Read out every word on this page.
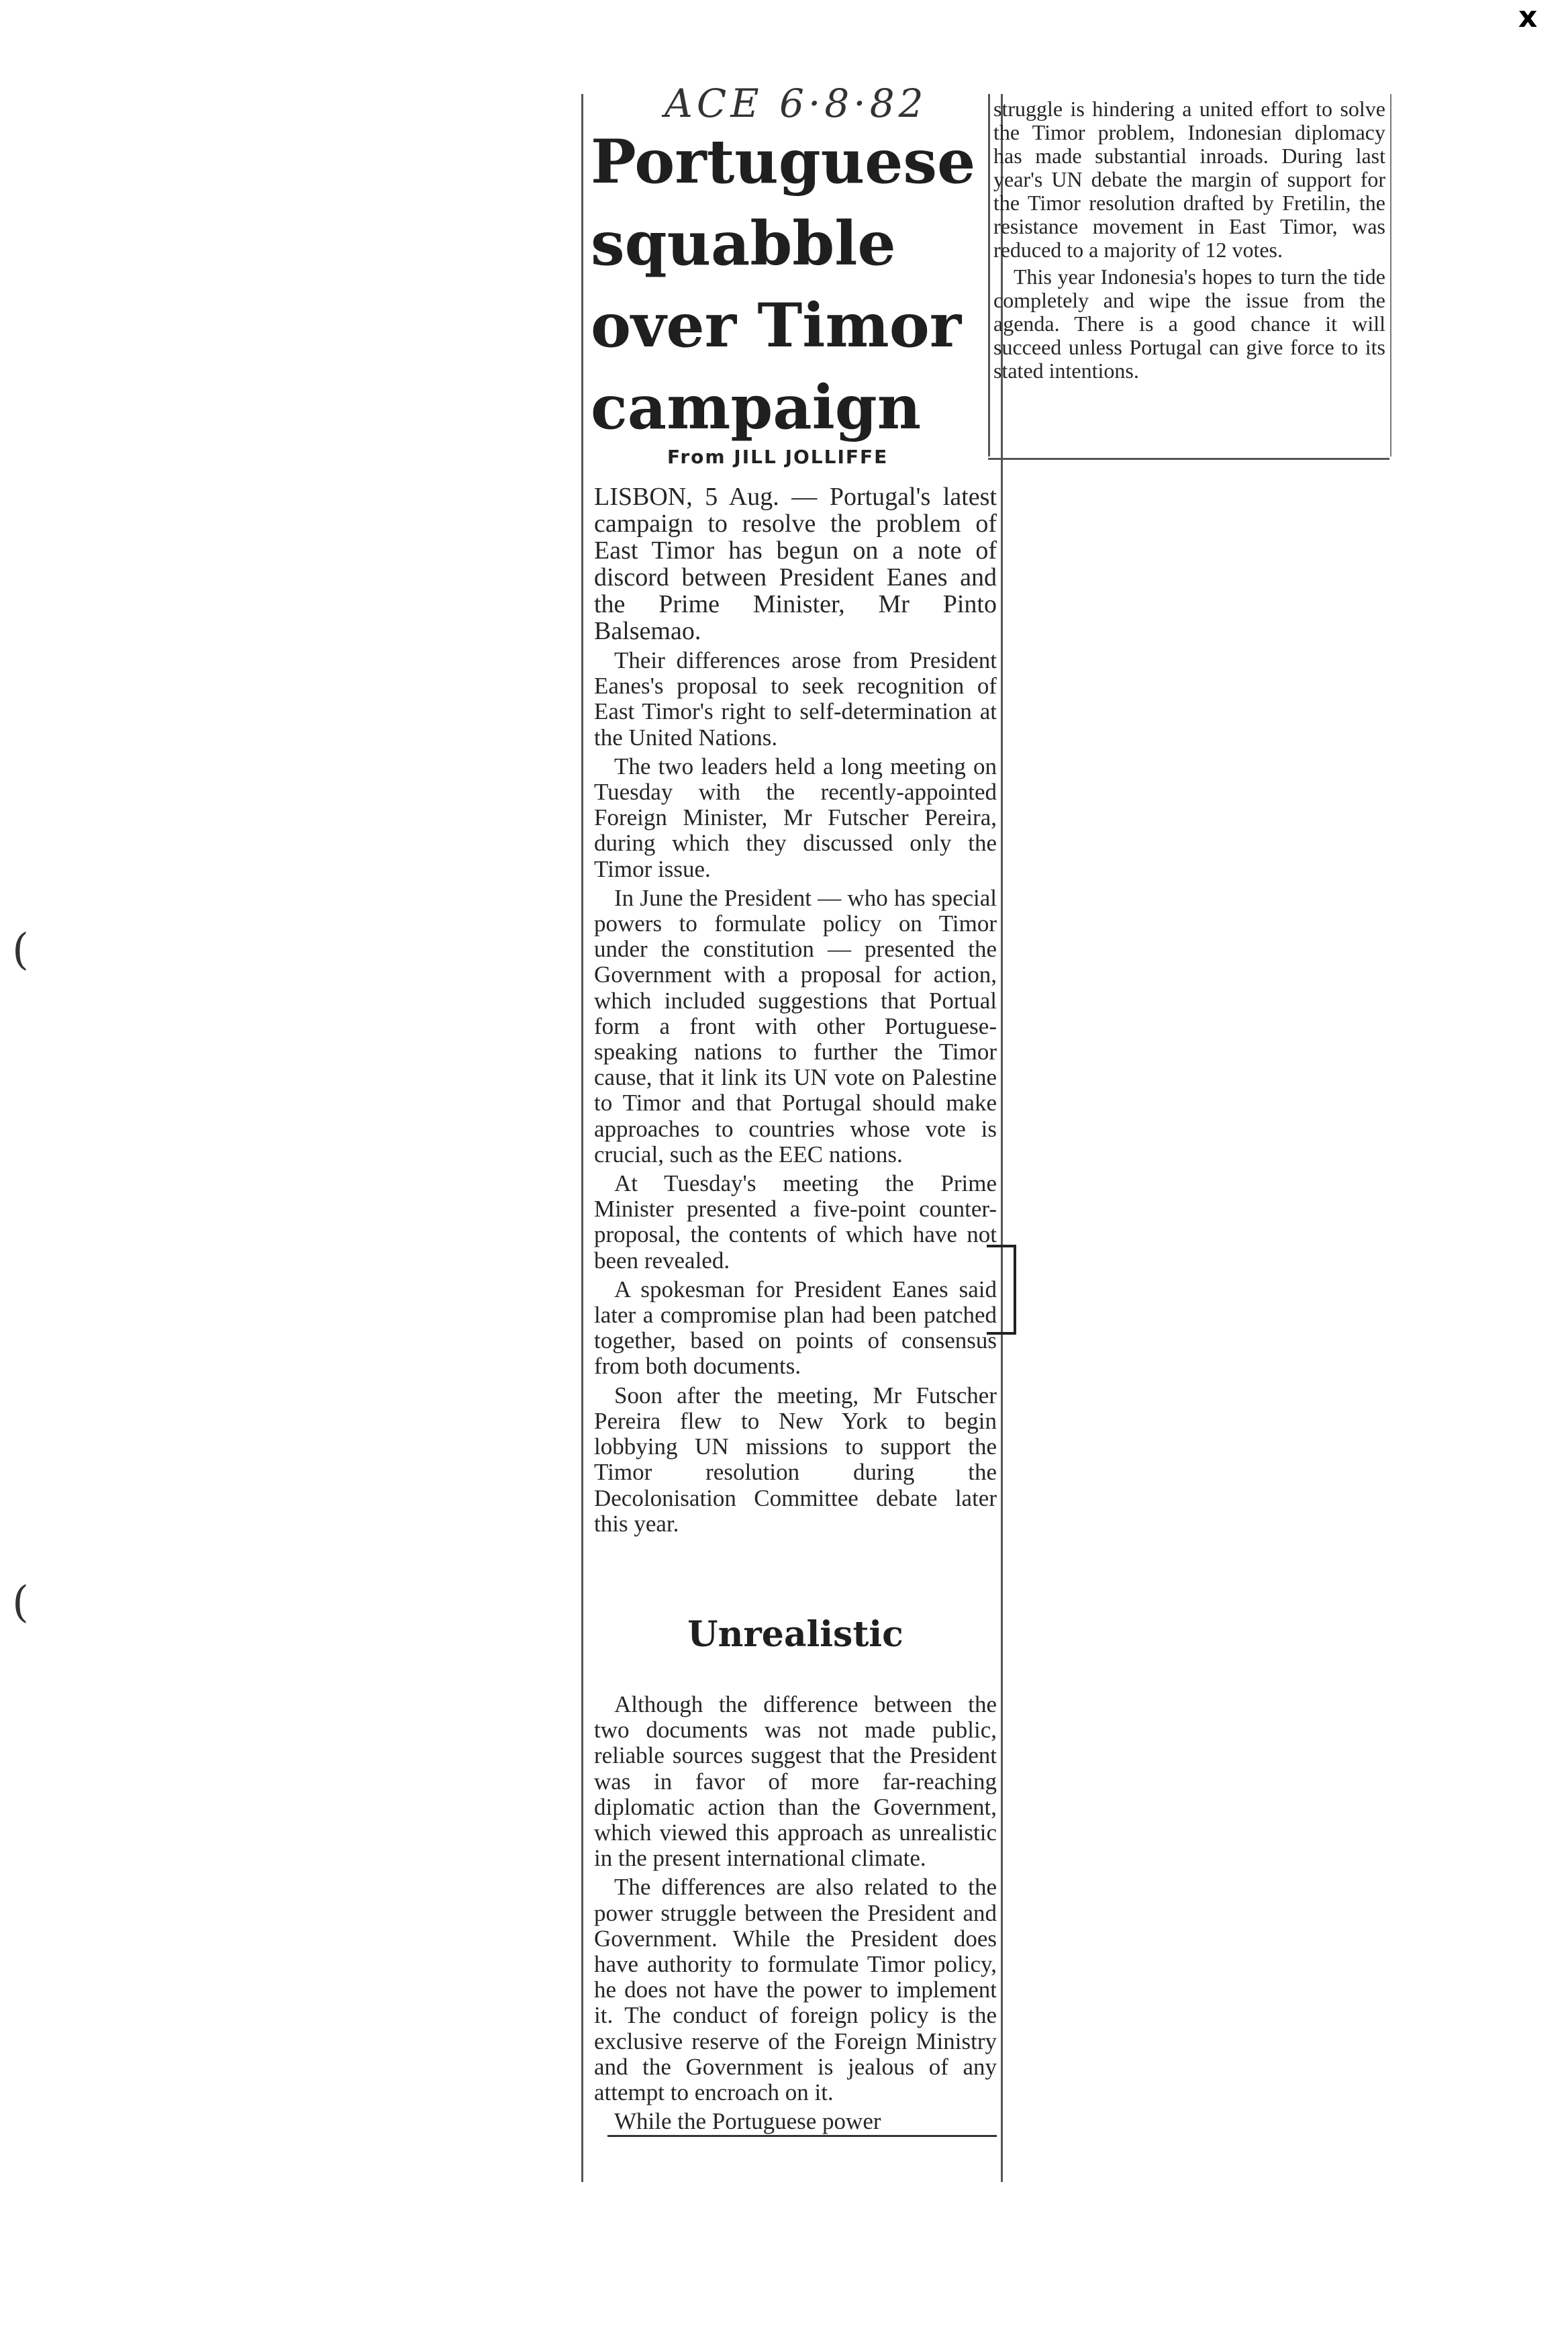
x
(
(
ACE 6·8·82
Portuguese
squabble
over Timor
campaign
From JILL JOLLIFFE

LISBON, 5 Aug. — Portugal's latest campaign to resolve the problem of East Timor has begun on a note of discord between President Eanes and the Prime Minister, Mr Pinto Balsemao.

Their differences arose from President Eanes's proposal to seek recognition of East Timor's right to self-determination at the United Nations.

The two leaders held a long meeting on Tuesday with the recently-appointed Foreign Minister, Mr Futscher Pereira, during which they discussed only the Timor issue.

In June the President — who has special powers to formulate policy on Timor under the constitution — presented the Government with a proposal for action, which included suggestions that Portual form a front with other Portuguese-speaking nations to further the Timor cause, that it link its UN vote on Palestine to Timor and that Portugal should make approaches to countries whose vote is crucial, such as the EEC nations.

At Tuesday's meeting the Prime Minister presented a five-point counter-proposal, the contents of which have not been revealed.

A spokesman for President Eanes said later a compromise plan had been patched together, based on points of consensus from both documents.

Soon after the meeting, Mr Futscher Pereira flew to New York to begin lobbying UN missions to support the Timor resolution during the Decolonisation Committee debate later this year.

Unrealistic

Although the difference between the two documents was not made public, reliable sources suggest that the President was in favor of more far-reaching diplomatic action than the Government, which viewed this approach as unrealistic in the present international climate.

The differences are also related to the power struggle between the President and Government. While the President does have authority to formulate Timor policy, he does not have the power to implement it. The conduct of foreign policy is the exclusive reserve of the Foreign Ministry and the Government is jealous of any attempt to encroach on it.

While the Portuguese power

struggle is hindering a united effort to solve the Timor problem, Indonesian diplomacy has made substantial inroads. During last year's UN debate the margin of support for the Timor resolution drafted by Fretilin, the resistance movement in East Timor, was reduced to a majority of 12 votes.

This year Indonesia's hopes to turn the tide completely and wipe the issue from the agenda. There is a good chance it will succeed unless Portugal can give force to its stated intentions.
